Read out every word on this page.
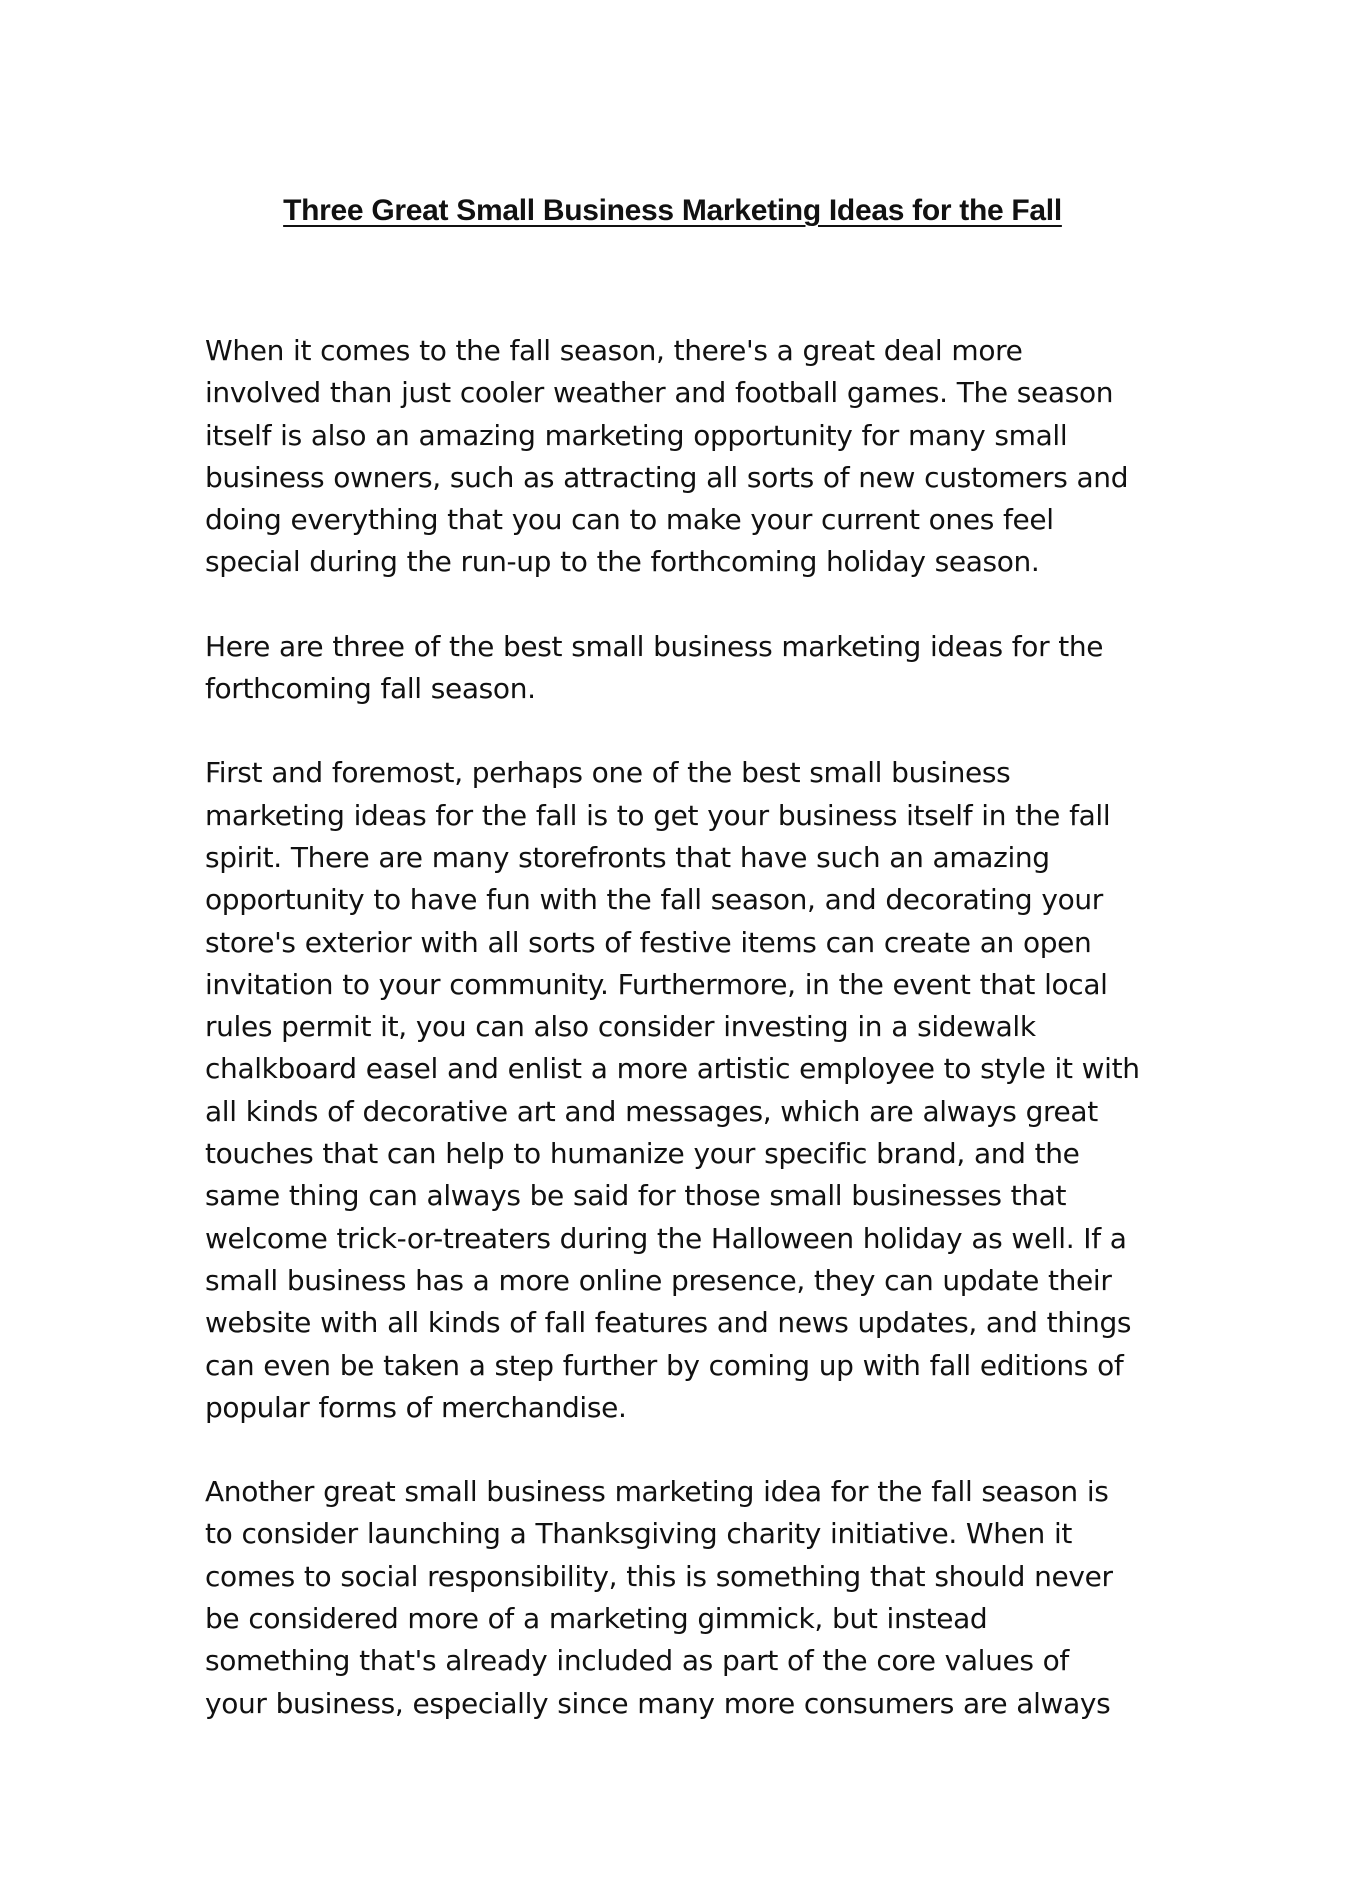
Three Great Small Business Marketing Ideas for the Fall

When it comes to the fall season, there's a great deal more
involved than just cooler weather and football games. The season
itself is also an amazing marketing opportunity for many small
business owners, such as attracting all sorts of new customers and
doing everything that you can to make your current ones feel
special during the run-up to the forthcoming holiday season.

Here are three of the best small business marketing ideas for the
forthcoming fall season.

First and foremost, perhaps one of the best small business
marketing ideas for the fall is to get your business itself in the fall
spirit. There are many storefronts that have such an amazing
opportunity to have fun with the fall season, and decorating your
store's exterior with all sorts of festive items can create an open
invitation to your community. Furthermore, in the event that local
rules permit it, you can also consider investing in a sidewalk
chalkboard easel and enlist a more artistic employee to style it with
all kinds of decorative art and messages, which are always great
touches that can help to humanize your specific brand, and the
same thing can always be said for those small businesses that
welcome trick-or-treaters during the Halloween holiday as well. If a
small business has a more online presence, they can update their
website with all kinds of fall features and news updates, and things
can even be taken a step further by coming up with fall editions of
popular forms of merchandise.

Another great small business marketing idea for the fall season is
to consider launching a Thanksgiving charity initiative. When it
comes to social responsibility, this is something that should never
be considered more of a marketing gimmick, but instead
something that's already included as part of the core values of
your business, especially since many more consumers are always
